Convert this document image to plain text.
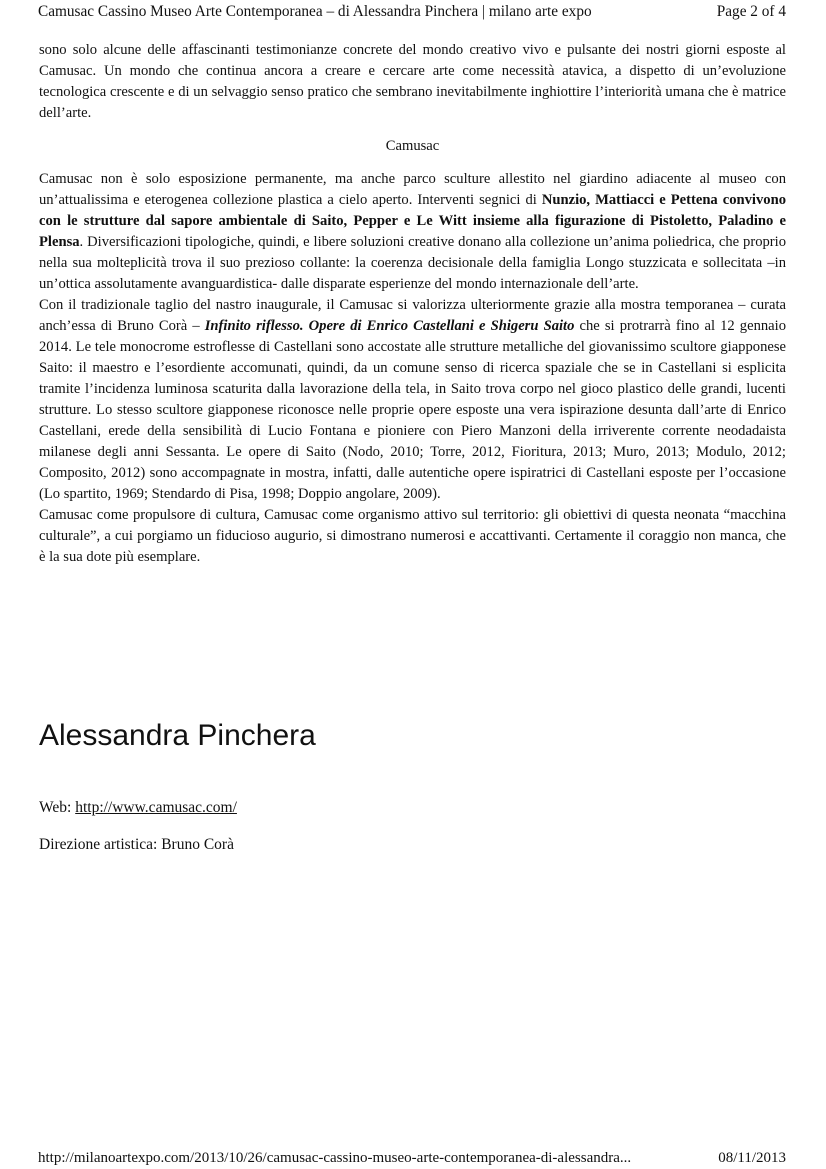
Camusac Cassino Museo Arte Contemporanea – di Alessandra Pinchera | milano arte expo	Page 2 of 4

sono solo alcune delle affascinanti testimonianze concrete del mondo creativo vivo e pulsante dei nostri giorni esposte al Camusac. Un mondo che continua ancora a creare e cercare arte come necessità atavica, a dispetto di un’evoluzione tecnologica crescente e di un selvaggio senso pratico che sembrano inevitabilmente inghiottire l’interiorità umana che è matrice dell’arte.

Camusac

Camusac non è solo esposizione permanente, ma anche parco sculture allestito nel giardino adiacente al museo con un’attualissima e eterogenea collezione plastica a cielo aperto. Interventi segnici di Nunzio, Mattiacci e Pettena convivono con le strutture dal sapore ambientale di Saito, Pepper e Le Witt insieme alla figurazione di Pistoletto, Paladino e Plensa. Diversificazioni tipologiche, quindi, e libere soluzioni creative donano alla collezione un’anima poliedrica, che proprio nella sua molteplicità trova il suo prezioso collante: la coerenza decisionale della famiglia Longo stuzzicata e sollecitata –in un’ottica assolutamente avanguardistica- dalle disparate esperienze del mondo internazionale dell’arte.

Con il tradizionale taglio del nastro inaugurale, il Camusac si valorizza ulteriormente grazie alla mostra temporanea – curata anch’essa di Bruno Corà – Infinito riflesso. Opere di Enrico Castellani e Shigeru Saito che si protrarrà fino al 12 gennaio 2014. Le tele monocrome estroflesse di Castellani sono accostate alle strutture metalliche del giovanissimo scultore giapponese Saito: il maestro e l’esordiente accomunati, quindi, da un comune senso di ricerca spaziale che se in Castellani si esplicita tramite l’incidenza luminosa scaturita dalla lavorazione della tela, in Saito trova corpo nel gioco plastico delle grandi, lucenti strutture. Lo stesso scultore giapponese riconosce nelle proprie opere esposte una vera ispirazione desunta dall’arte di Enrico Castellani, erede della sensibilità di Lucio Fontana e pioniere con Piero Manzoni della irriverente corrente neodadaista milanese degli anni Sessanta. Le opere di Saito (Nodo, 2010; Torre, 2012, Fioritura, 2013; Muro, 2013; Modulo, 2012; Composito, 2012) sono accompagnate in mostra, infatti, dalle autentiche opere ispiratrici di Castellani esposte per l’occasione (Lo spartito, 1969; Stendardo di Pisa, 1998; Doppio angolare, 2009).

Camusac come propulsore di cultura, Camusac come organismo attivo sul territorio: gli obiettivi di questa neonata “macchina culturale”, a cui porgiamo un fiducioso augurio, si dimostrano numerosi e accattivanti. Certamente il coraggio non manca, che è la sua dote più esemplare.

Alessandra Pinchera
Web: http://www.camusac.com/
Direzione artistica: Bruno Corà
http://milanoartexpo.com/2013/10/26/camusac-cassino-museo-arte-contemporanea-di-alessandra...	08/11/2013
